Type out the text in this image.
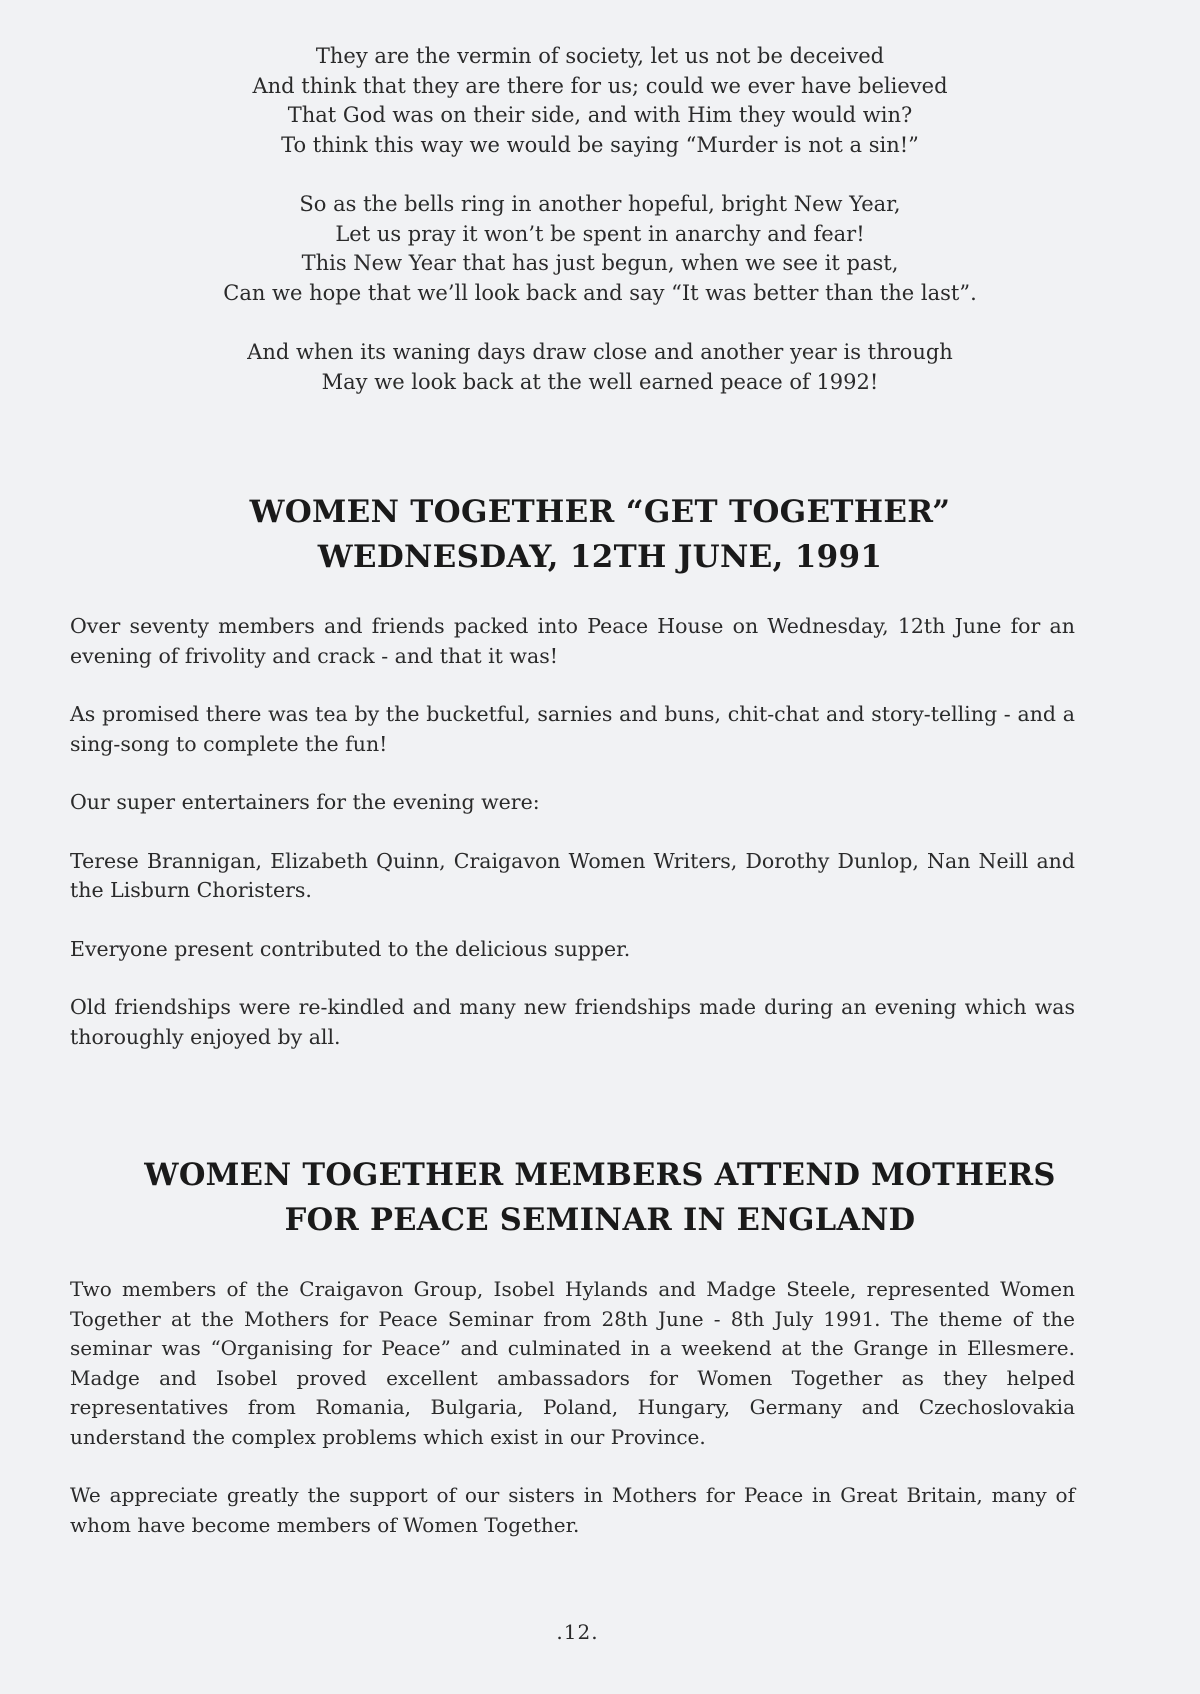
They are the vermin of society, let us not be deceived
And think that they are there for us; could we ever have believed
That God was on their side, and with Him they would win?
To think this way we would be saying “Murder is not a sin!”
So as the bells ring in another hopeful, bright New Year,
Let us pray it won’t be spent in anarchy and fear!
This New Year that has just begun, when we see it past,
Can we hope that we’ll look back and say “It was better than the last”.
And when its waning days draw close and another year is through
May we look back at the well earned peace of 1992!
WOMEN TOGETHER “GET TOGETHER”
WEDNESDAY, 12TH JUNE, 1991

Over seventy members and friends packed into Peace House on Wednesday, 12th June for an evening of frivolity and crack - and that it was!

As promised there was tea by the bucketful, sarnies and buns, chit-chat and story-telling - and a sing-song to complete the fun!

Our super entertainers for the evening were:

Terese Brannigan, Elizabeth Quinn, Craigavon Women Writers, Dorothy Dunlop, Nan Neill and the Lisburn Choristers.

Everyone present contributed to the delicious supper.

Old friendships were re-kindled and many new friendships made during an evening which was thoroughly enjoyed by all.

WOMEN TOGETHER MEMBERS ATTEND MOTHERS
FOR PEACE SEMINAR IN ENGLAND

Two members of the Craigavon Group, Isobel Hylands and Madge Steele, represented Women Together at the Mothers for Peace Seminar from 28th June - 8th July 1991. The theme of the seminar was “Organising for Peace” and culminated in a weekend at the Grange in Ellesmere. Madge and Isobel proved excellent ambassadors for Women Together as they helped representatives from Romania, Bulgaria, Poland, Hungary, Germany and Czechoslovakia understand the complex problems which exist in our Province.

We appreciate greatly the support of our sisters in Mothers for Peace in Great Britain, many of whom have become members of Women Together.

.12.
